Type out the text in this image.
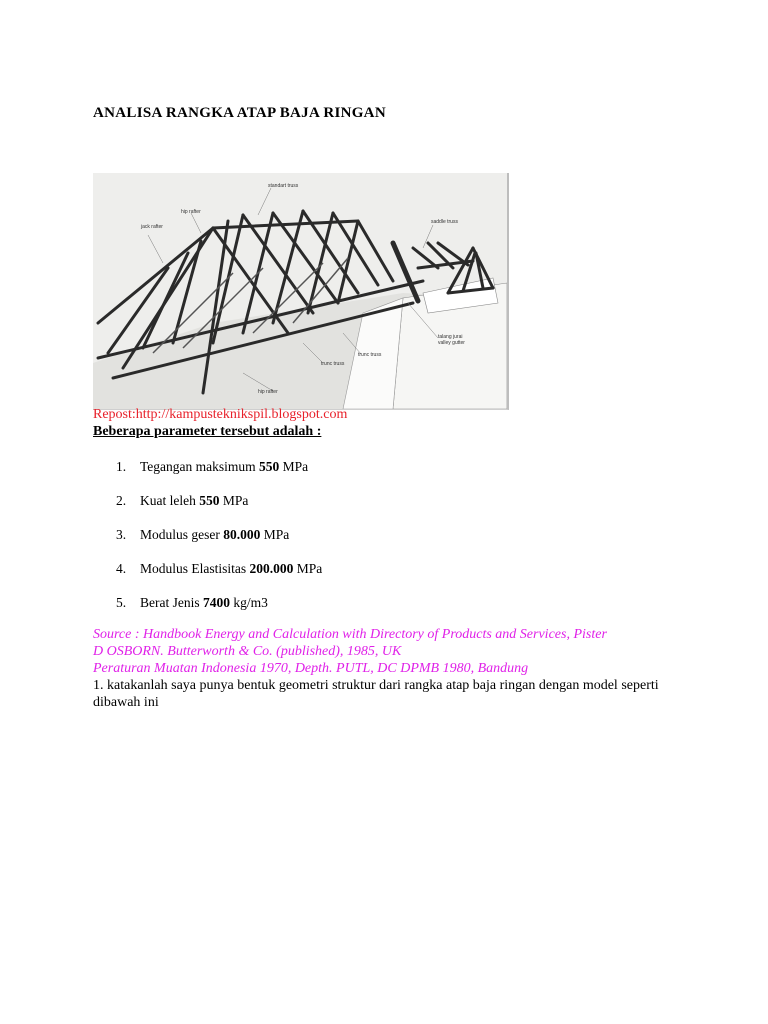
ANALISA RANGKA ATAP BAJA RINGAN
standart truss
hip rafter
jack rafter
saddle truss
trunc truss
trunc truss
hip rafter
talang jurai
valley gutter
Repost:http://kampusteknikspil.blogspot.com
Beberapa parameter tersebut adalah :
1. Tegangan maksimum 550 MPa
2. Kuat leleh 550 MPa
3. Modulus geser 80.000 MPa
4. Modulus Elastisitas 200.000 MPa
5. Berat Jenis 7400 kg/m3
Source : Handbook Energy and Calculation with Directory of Products and Services, Pister
D OSBORN. Butterworth & Co. (published), 1985, UK
Peraturan Muatan Indonesia 1970, Depth. PUTL, DC DPMB 1980, Bandung
1. katakanlah saya punya bentuk geometri struktur dari rangka atap baja ringan dengan model seperti dibawah ini
